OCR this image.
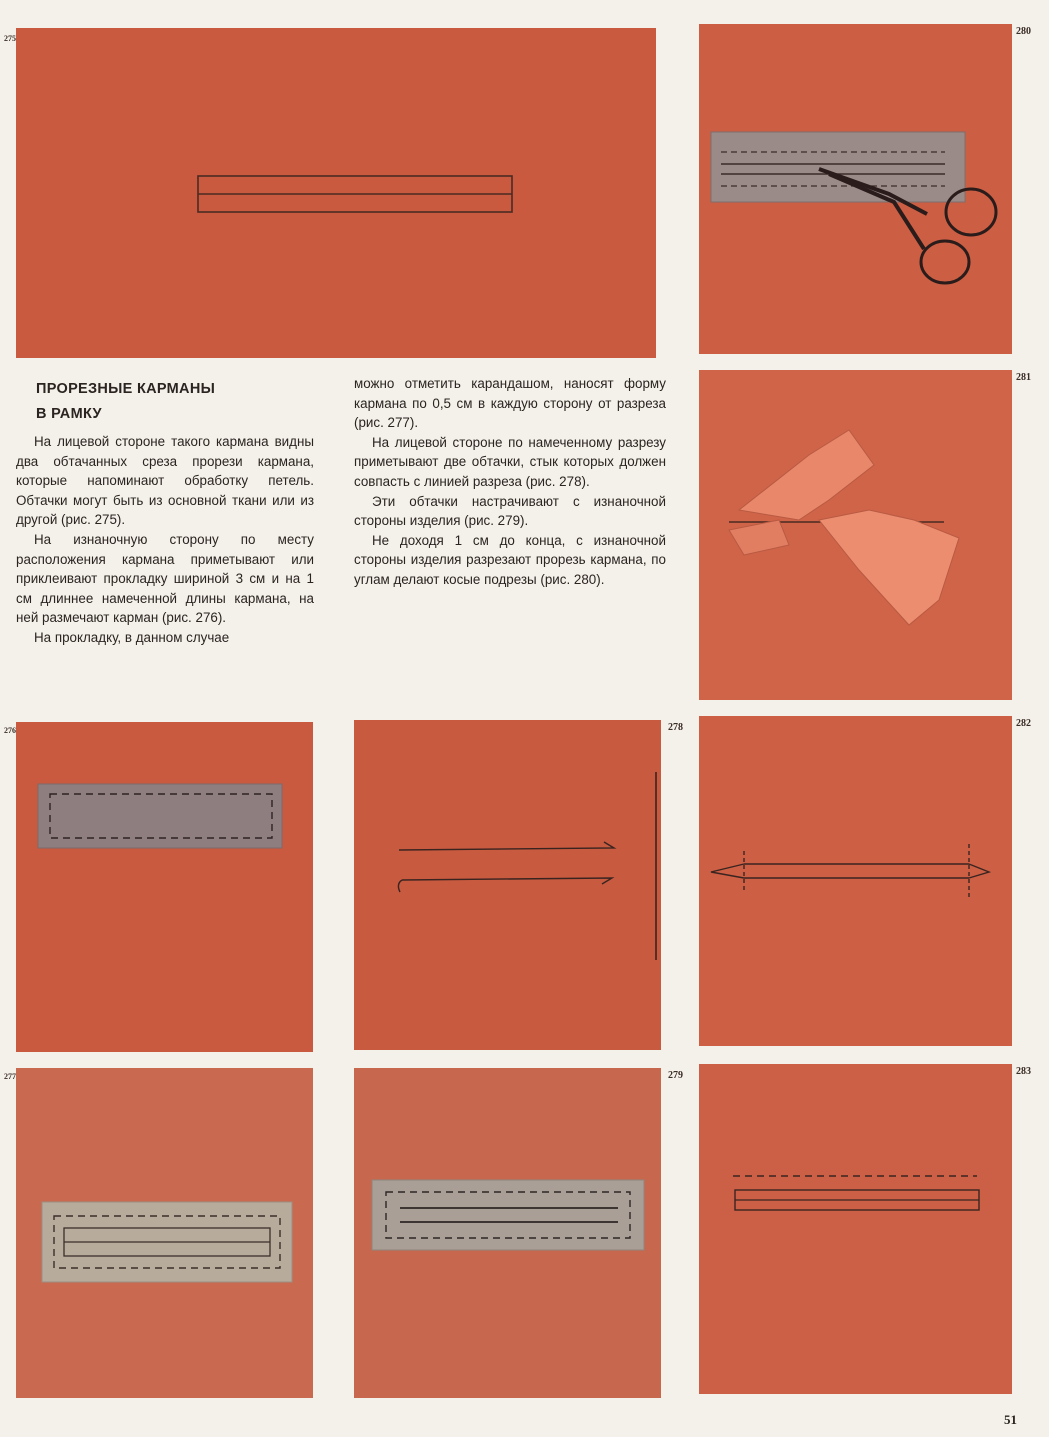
275
280
ПРОРЕЗНЫЕ КАРМАНЫ
В РАМКУ

На лицевой стороне такого кармана видны два обтачанных среза прорези кармана, которые напоминают обработку петель. Обтачки могут быть из основной ткани или из другой (рис. 275).

На изнаночную сторону по месту расположения кармана приметывают или приклеивают прокладку шириной 3 см и на 1 см длиннее намеченной длины кармана, на ней размечают карман (рис. 276).

На прокладку, в данном случае

можно отметить карандашом, наносят форму кармана по 0,5 см в каждую сторону от разреза (рис. 277).

На лицевой стороне по намеченному разрезу приметывают две обтачки, стык которых должен совпасть с линией разреза (рис. 278).

Эти обтачки настрачивают с изнаночной стороны изделия (рис. 279).

Не доходя 1 см до конца, с изнаночной стороны изделия разрезают прорезь кармана, по углам делают косые подрезы (рис. 280).

281
276	278	282
277	279	283
51
